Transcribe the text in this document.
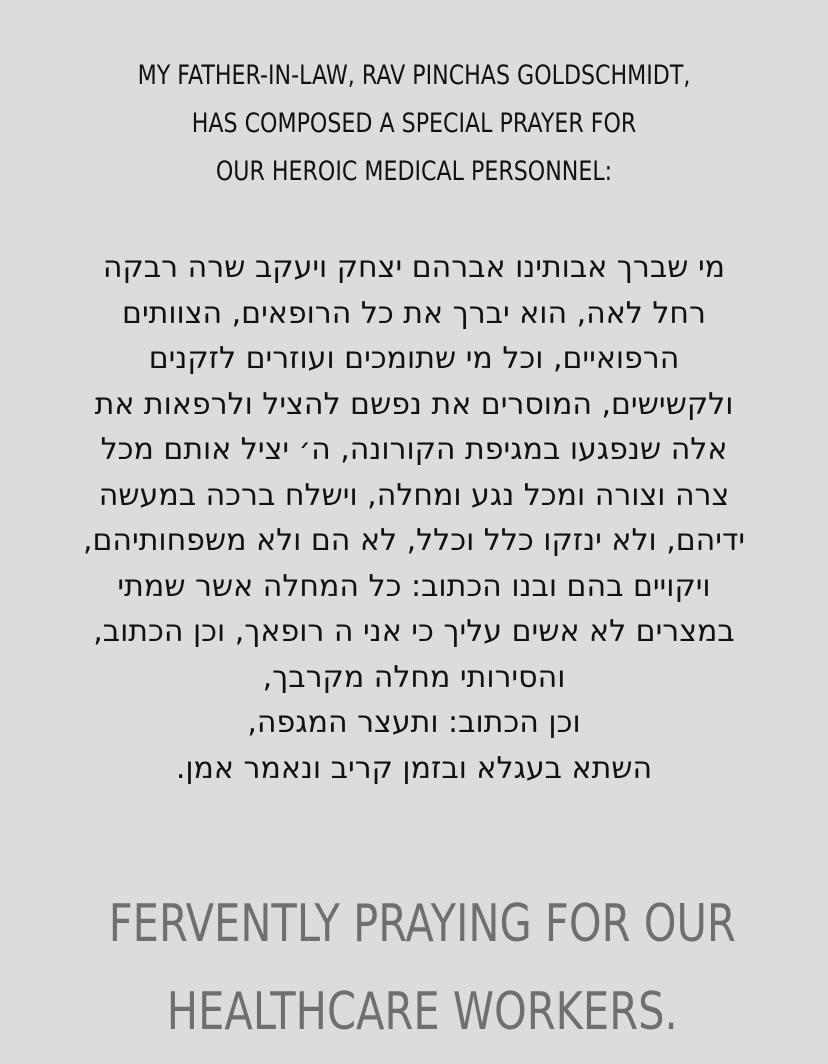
MY FATHER-IN-LAW, RAV PINCHAS GOLDSCHMIDT,
HAS COMPOSED A SPECIAL PRAYER FOR
OUR HEROIC MEDICAL PERSONNEL:
מי שברך אבותינו אברהם יצחק ויעקב שרה רבקה
רחל לאה, הוא יברך את כל הרופאים, הצוותים
הרפואיים, וכל מי שתומכים ועוזרים לזקנים
ולקשישים, המוסרים את נפשם להציל ולרפאות את
אלה שנפגעו במגיפת הקורונה, ה׳ יציל אותם מכל
צרה וצורה ומכל נגע ומחלה, וישלח ברכה במעשה
ידיהם, ולא ינזקו כלל וכלל, לא הם ולא משפחותיהם,
ויקויים בהם ובנו הכתוב: כל המחלה אשר שמתי
במצרים לא אשים עליך כי אני ה רופאך, וכן הכתוב,
והסירותי מחלה מקרבך,
וכן הכתוב: ותעצר המגפה,
השתא בעגלא ובזמן קריב ונאמר אמן.
FERVENTLY PRAYING FOR OUR
HEALTHCARE WORKERS.
